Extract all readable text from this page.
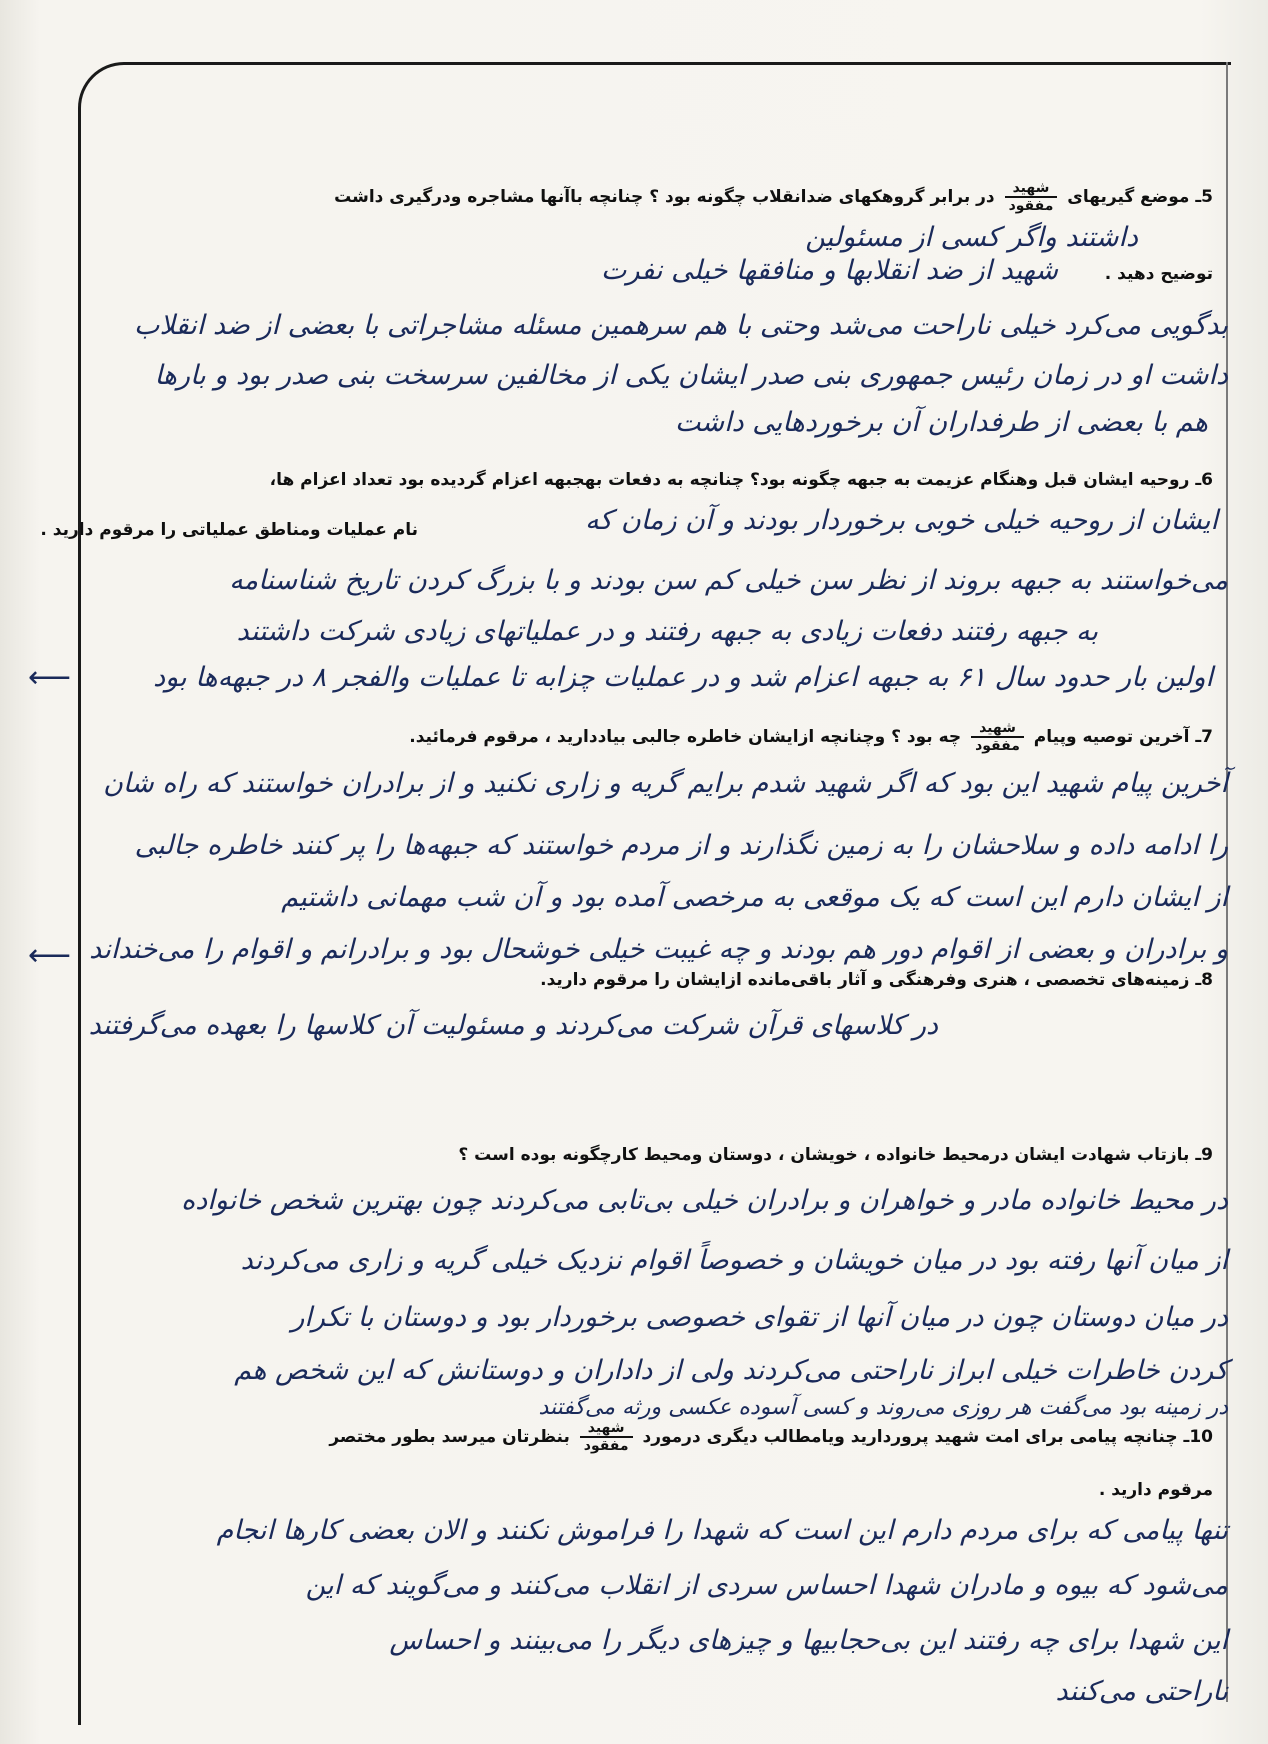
5ـ موضع گیریهای
$\frac{\text{شهید}}{\text{مفقود}}$
در برابر گروهکهای ضدانقلاب چگونه بود ؟ چنانچه باآنها مشاجره ودرگیری داشت
توضیح دهید .
داشتند واگر کسی از مسئولین
شهید از ضد انقلابها و منافقها خیلی نفرت
بدگویی می‌کرد خیلی ناراحت می‌شد وحتی با هم سرهمین مسئله مشاجراتی با بعضی از ضد انقلاب
داشت او در زمان رئیس جمهوری بنی صدر ایشان یکی از مخالفین سرسخت بنی صدر بود و بارها
هم با بعضی از طرفداران آن برخوردهایی داشت
6ـ روحیه ایشان قبل وهنگام عزیمت به جبهه چگونه بود؟ چنانچه به دفعات بهجبهه اعزام گردیده بود تعداد اعزام ها،
نام عملیات ومناطق عملیاتی را مرقوم دارید .	ایشان از روحیه خیلی خوبی برخوردار بودند و آن زمان که
می‌خواستند به جبهه بروند از نظر سن خیلی کم سن بودند و با بزرگ کردن تاریخ شناسنامه
به جبهه رفتند دفعات زیادی به جبهه رفتند و در عملیاتهای زیادی شرکت داشتند
اولین بار حدود سال ۶۱ به جبهه اعزام شد و در عملیات چزابه تا عملیات والفجر ۸ در جبهه‌ها بود
⟵
7ـ آخرین توصیه وپیام
$\frac{\text{شهید}}{\text{مفقود}}$
چه بود ؟ وچنانچه ازایشان خاطره جالبی بیاددارید ، مرقوم فرمائید.
آخرین پیام شهید این بود که اگر شهید شدم برایم گریه و زاری نکنید و از برادران خواستند که راه شان
را ادامه داده و سلاحشان را به زمین نگذارند و از مردم خواستند که جبهه‌ها را پر کنند خاطره جالبی
از ایشان دارم این است که یک موقعی به مرخصی آمده بود و آن شب مهمانی داشتیم
و برادران و بعضی از اقوام دور هم بودند و چه غیبت خیلی خوشحال بود و برادرانم و اقوام را می‌خنداند
⟵
8ـ زمینه‌های تخصصی ، هنری وفرهنگی و آثار باقی‌مانده ازایشان را مرقوم دارید.
در کلاسهای قرآن شرکت می‌کردند و مسئولیت آن کلاسها را بعهده می‌گرفتند
9ـ بازتاب شهادت ایشان درمحیط خانواده ، خویشان ، دوستان ومحیط کارچگونه بوده است ؟
در محیط خانواده مادر و خواهران و برادران خیلی بی‌تابی می‌کردند چون بهترین شخص خانواده
از میان آنها رفته بود در میان خویشان و خصوصاً اقوام نزدیک خیلی گریه و زاری می‌کردند
در میان دوستان چون در میان آنها از تقوای خصوصی برخوردار بود و دوستان با تکرار
کردن خاطرات خیلی ابراز ناراحتی می‌کردند ولی از داداران و دوستانش که این شخص هم
در زمینه بود می‌گفت هر روزی می‌روند و کسی آسوده عکسی ورثه می‌گفتند
10ـ چنانچه پیامی برای امت شهید پروردارید ویامطالب دیگری درمورد
$\frac{\text{شهید}}{\text{مفقود}}$
بنظرتان میرسد بطور مختصر
مرقوم دارید .
تنها پیامی که برای مردم دارم این است که شهدا را فراموش نکنند و الان بعضی کارها انجام
می‌شود که بیوه و مادران شهدا احساس سردی از انقلاب می‌کنند و می‌گویند که این
این شهدا برای چه رفتند این بی‌حجابیها و چیزهای دیگر را می‌بینند و احساس
ناراحتی می‌کنند
